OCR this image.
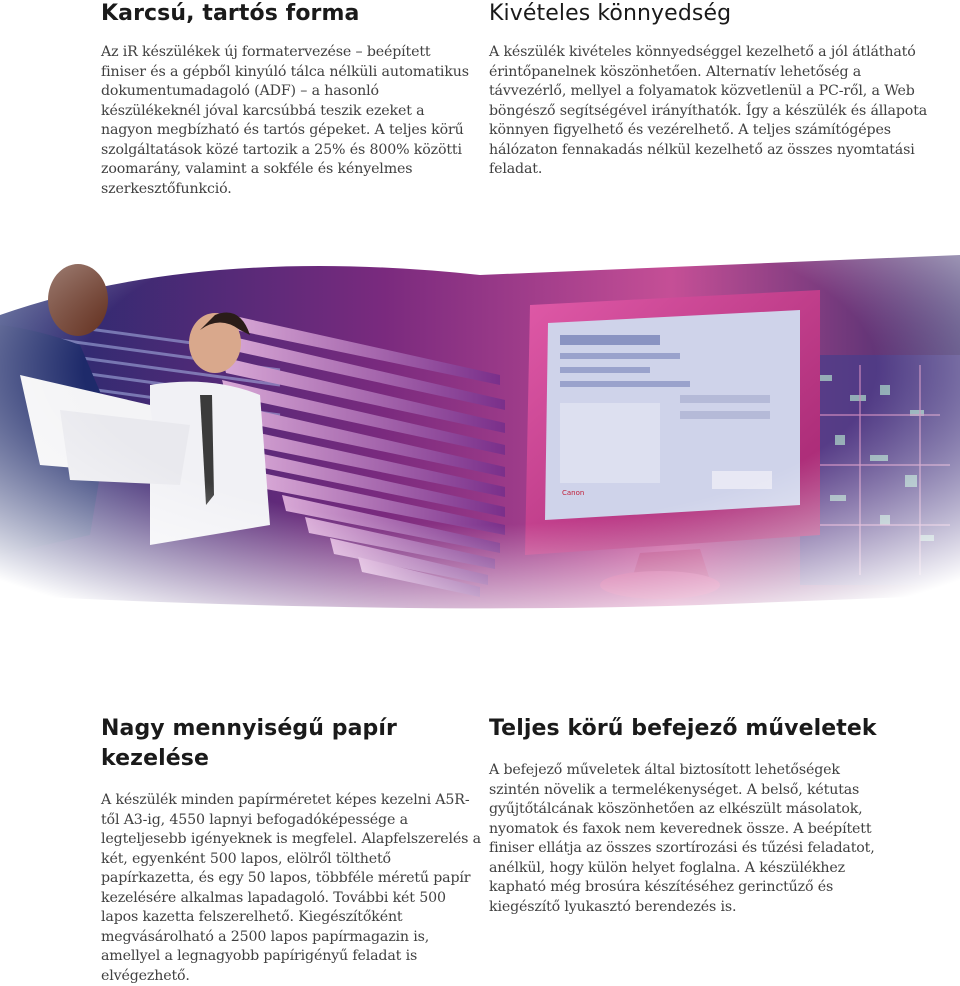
Karcsú, tartós forma

Az iR készülékek új formatervezése – beépített finiser és a gépből kinyúló tálca nélküli automatikus dokumentumadagoló (ADF) – a hasonló készülékeknél jóval karcsúbbá teszik ezeket a nagyon megbízható és tartós gépeket. A teljes körű szolgáltatások közé tartozik a 25% és 800% közötti zoomarány, valamint a sokféle és kényelmes szerkesztőfunkció.

Kivételes könnyedség

A készülék kivételes könnyedséggel kezelhető a jól átlátható érintőpanelnek köszönhetően. Alternatív lehetőség a távvezérlő, mellyel a folyamatok közvetlenül a PC-ről, a Web böngésző segítségével irányíthatók. Így a készülék és állapota könnyen figyelhető és vezérelhető. A teljes számítógépes hálózaton fennakadás nélkül kezelhető az összes nyomtatási feladat.

Nagy mennyiségű papír kezelése

A készülék minden papírméretet képes kezelni A5R-től A3-ig, 4550 lapnyi befogadóképessége a legteljesebb igényeknek is megfelel. Alapfelszerelés a két, egyenként 500 lapos, elölről tölthető papírkazetta, és egy 50 lapos, többféle méretű papír kezelésére alkalmas lapadagoló. További két 500 lapos kazetta felszerelhető. Kiegészítőként megvásárolható a 2500 lapos papírmagazin is, amellyel a legnagyobb papírigényű feladat is elvégezhető.

Teljes körű befejező műveletek

A befejező műveletek által biztosított lehetőségek szintén növelik a termelékenységet. A belső, kétutas gyűjtőtálcának köszönhetően az elkészült másolatok, nyomatok és faxok nem keverednek össze. A beépített finiser ellátja az összes szortírozási és tűzési feladatot, anélkül, hogy külön helyet foglalna. A készülékhez kapható még brosúra készítéséhez gerinctűző és kiegészítő lyukasztó berendezés is.
